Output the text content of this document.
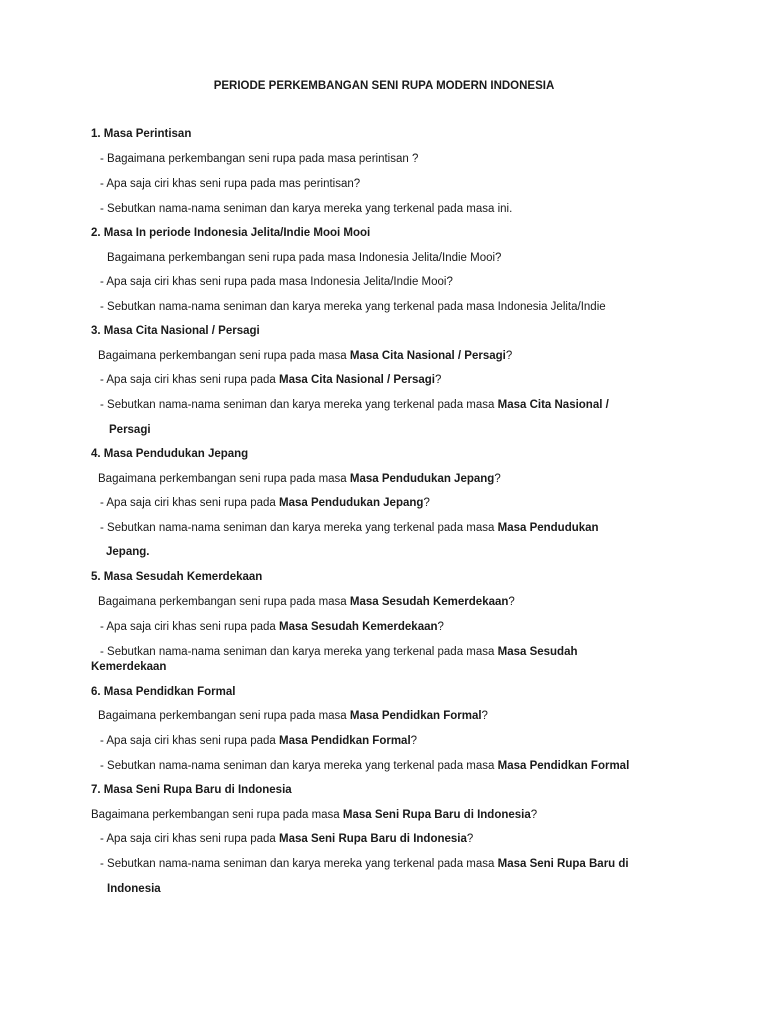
PERIODE PERKEMBANGAN SENI RUPA MODERN INDONESIA
1. Masa Perintisan
- Bagaimana perkembangan seni rupa pada masa perintisan ?
- Apa saja ciri khas seni rupa pada mas perintisan?
- Sebutkan nama-nama seniman dan karya mereka yang terkenal pada masa ini.
2. Masa In periode Indonesia Jelita/Indie Mooi Mooi
Bagaimana perkembangan seni rupa pada masa Indonesia Jelita/Indie Mooi?
- Apa saja ciri khas seni rupa pada masa Indonesia Jelita/Indie Mooi?
- Sebutkan nama-nama seniman dan karya mereka yang terkenal pada masa Indonesia Jelita/Indie
3. Masa Cita Nasional / Persagi
Bagaimana perkembangan seni rupa pada masa Masa Cita Nasional / Persagi?
- Apa saja ciri khas seni rupa pada Masa Cita Nasional / Persagi?
- Sebutkan nama-nama seniman dan karya mereka yang terkenal pada masa Masa Cita Nasional /
Persagi
4. Masa Pendudukan Jepang
Bagaimana perkembangan seni rupa pada masa Masa Pendudukan Jepang?
- Apa saja ciri khas seni rupa pada Masa Pendudukan Jepang?
- Sebutkan nama-nama seniman dan karya mereka yang terkenal pada masa Masa Pendudukan
Jepang.
5. Masa Sesudah Kemerdekaan
Bagaimana perkembangan seni rupa pada masa Masa Sesudah Kemerdekaan?
- Apa saja ciri khas seni rupa pada Masa Sesudah Kemerdekaan?
- Sebutkan nama-nama seniman dan karya mereka yang terkenal pada masa Masa Sesudah
Kemerdekaan
6. Masa Pendidkan Formal
Bagaimana perkembangan seni rupa pada masa Masa Pendidkan Formal?
- Apa saja ciri khas seni rupa pada Masa Pendidkan Formal?
- Sebutkan nama-nama seniman dan karya mereka yang terkenal pada masa Masa Pendidkan Formal
7. Masa Seni Rupa Baru di Indonesia
Bagaimana perkembangan seni rupa pada masa Masa Seni Rupa Baru di Indonesia?
- Apa saja ciri khas seni rupa pada Masa Seni Rupa Baru di Indonesia?
- Sebutkan nama-nama seniman dan karya mereka yang terkenal pada masa Masa Seni Rupa Baru di
Indonesia
